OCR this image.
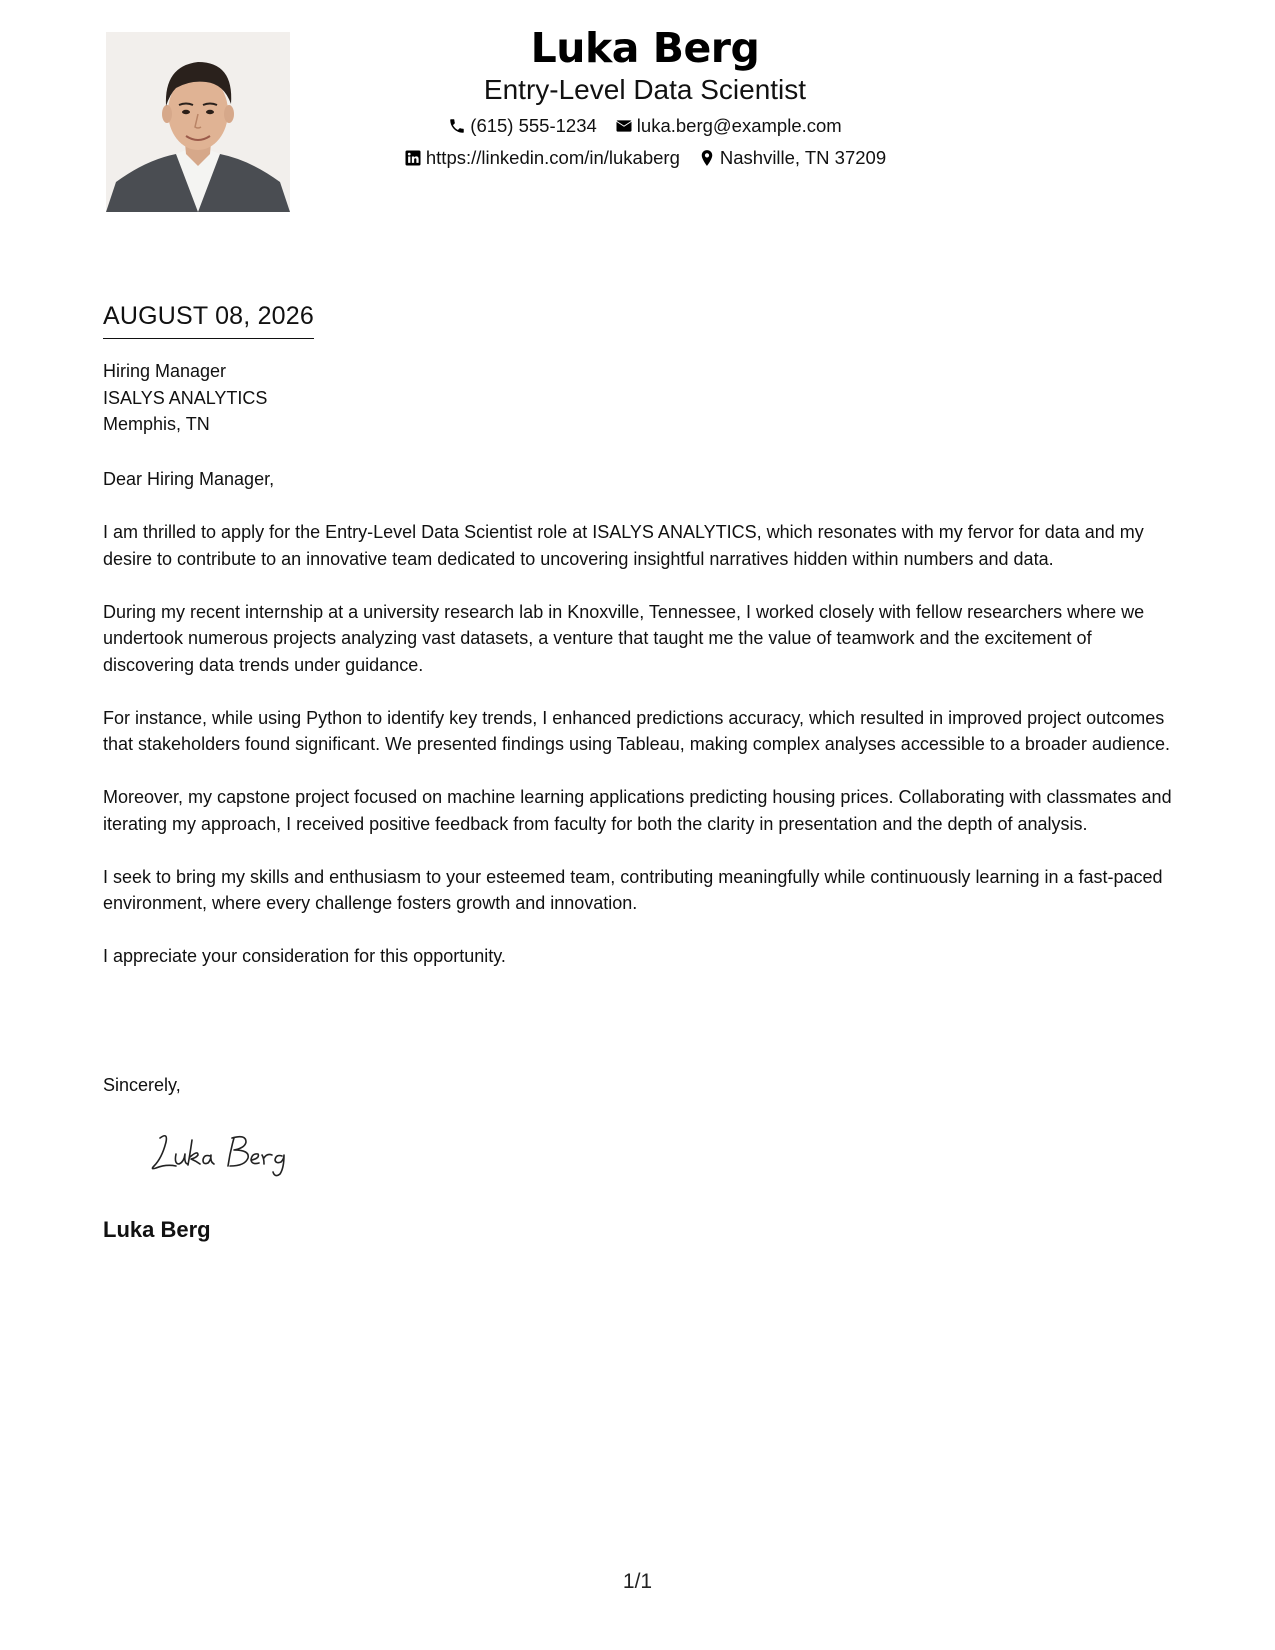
Luka Berg
Entry-Level Data Scientist
(615) 555-1234 luka.berg@example.com
https://linkedin.com/in/lukaberg Nashville, TN 37209
AUGUST 08, 2026
Hiring Manager
ISALYS ANALYTICS
Memphis, TN

Dear Hiring Manager,

I am thrilled to apply for the Entry-Level Data Scientist role at ISALYS ANALYTICS, which resonates with my fervor for data and my desire to contribute to an innovative team dedicated to uncovering insightful narratives hidden within numbers and data.

During my recent internship at a university research lab in Knoxville, Tennessee, I worked closely with fellow researchers where we undertook numerous projects analyzing vast datasets, a venture that taught me the value of teamwork and the excitement of discovering data trends under guidance.

For instance, while using Python to identify key trends, I enhanced predictions accuracy, which resulted in improved project outcomes that stakeholders found significant. We presented findings using Tableau, making complex analyses accessible to a broader audience.

Moreover, my capstone project focused on machine learning applications predicting housing prices. Collaborating with classmates and iterating my approach, I received positive feedback from faculty for both the clarity in presentation and the depth of analysis.

I seek to bring my skills and enthusiasm to your esteemed team, contributing meaningfully while continuously learning in a fast-paced environment, where every challenge fosters growth and innovation.

I appreciate your consideration for this opportunity.

Sincerely,
Luka Berg
1/1
